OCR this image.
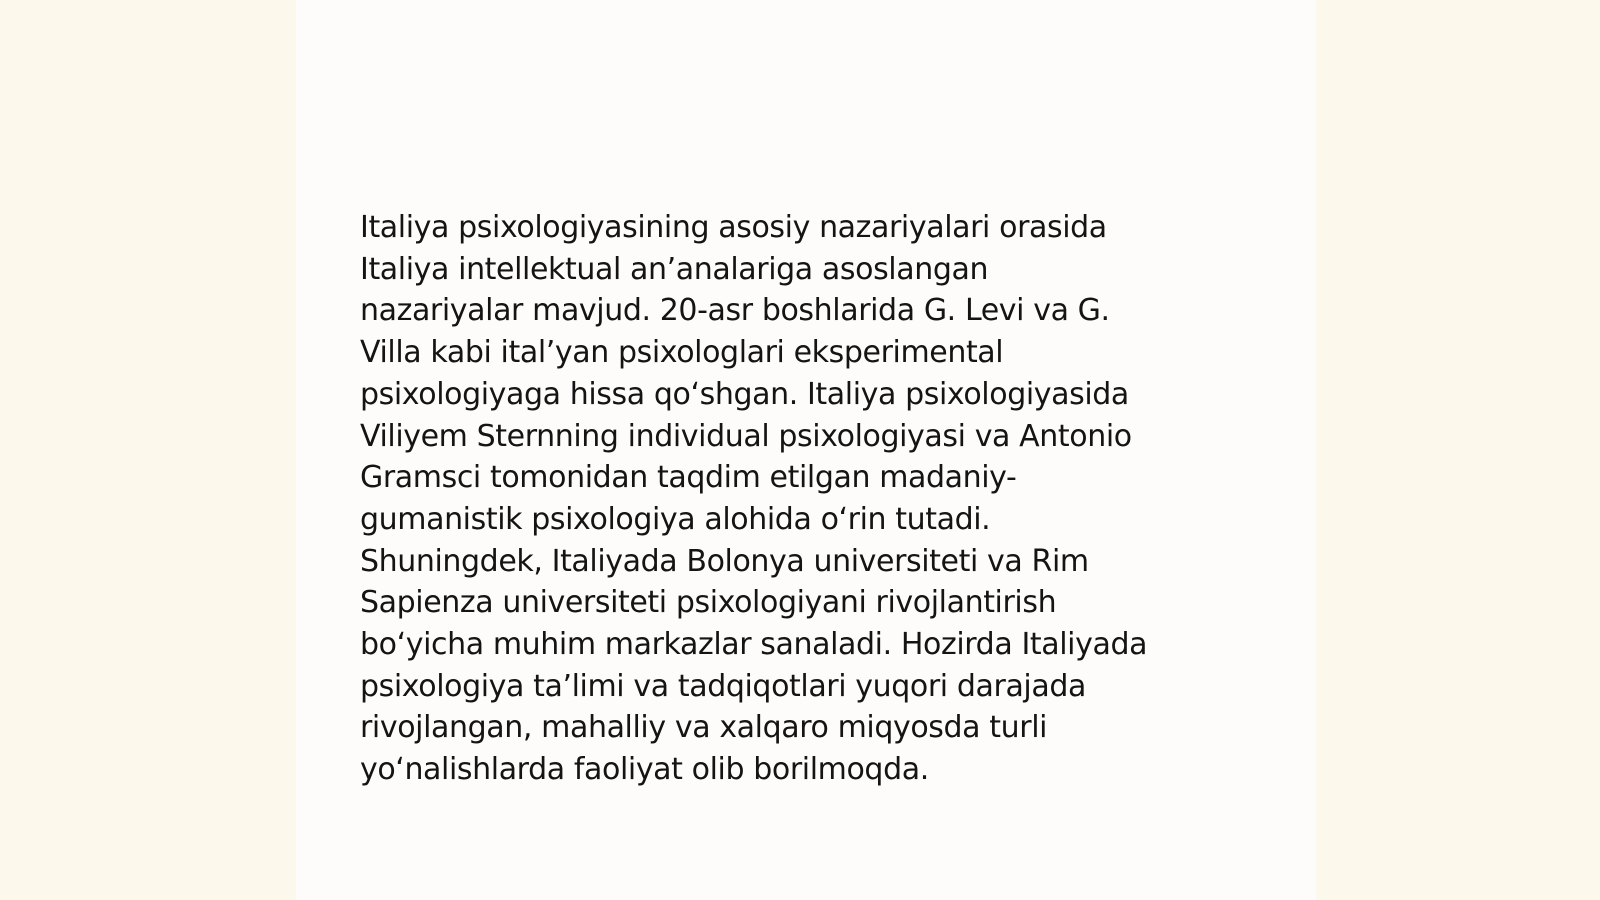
Italiya psixologiyasining asosiy nazariyalari orasida
Italiya intellektual an’analariga asoslangan
nazariyalar mavjud. 20-asr boshlarida G. Levi va G.
Villa kabi ital’yan psixologlari eksperimental
psixologiyaga hissa qo‘shgan. Italiya psixologiyasida
Viliyem Sternning individual psixologiyasi va Antonio
Gramsci tomonidan taqdim etilgan madaniy-
gumanistik psixologiya alohida o‘rin tutadi.
Shuningdek, Italiyada Bolonya universiteti va Rim
Sapienza universiteti psixologiyani rivojlantirish
bo‘yicha muhim markazlar sanaladi. Hozirda Italiyada
psixologiya ta’limi va tadqiqotlari yuqori darajada
rivojlangan, mahalliy va xalqaro miqyosda turli
yo‘nalishlarda faoliyat olib borilmoqda.
